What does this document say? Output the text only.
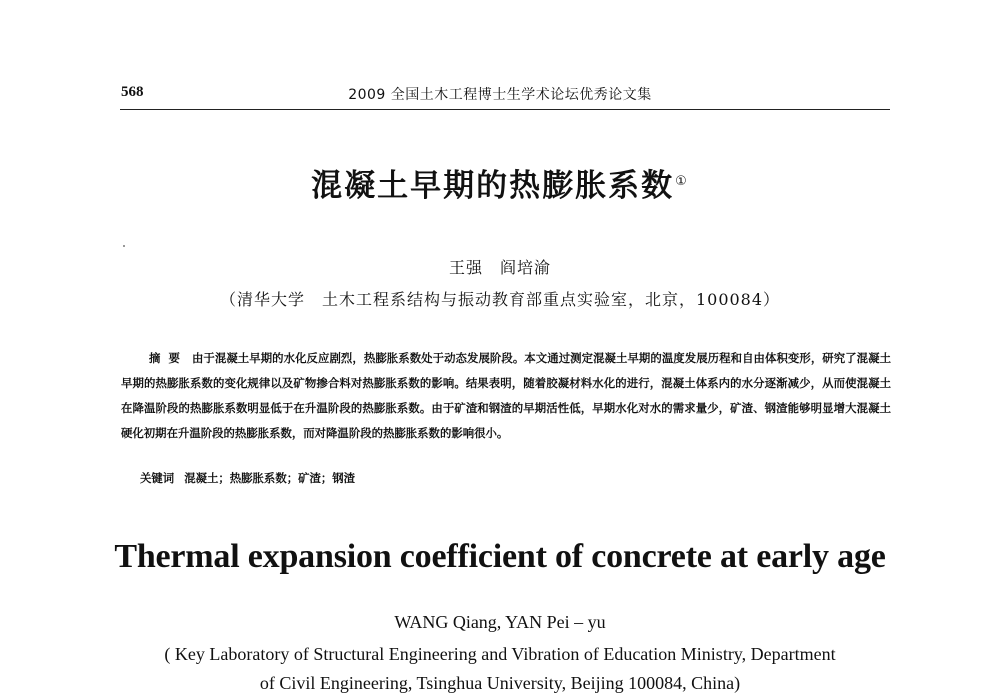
568	2009 全国土木工程博士生学术论坛优秀论文集
混凝土早期的热膨胀系数①
王强　阎培渝
（清华大学　土木工程系结构与振动教育部重点实验室，北京，100084）

摘要 由于混凝土早期的水化反应剧烈，热膨胀系数处于动态发展阶段。本文通过测定混凝土早期的温度发展历程和自由体积变形，研究了混凝土早期的热膨胀系数的变化规律以及矿物掺合料对热膨胀系数的影响。结果表明，随着胶凝材料水化的进行，混凝土体系内的水分逐渐减少，从而使混凝土在降温阶段的热膨胀系数明显低于在升温阶段的热膨胀系数。由于矿渣和钢渣的早期活性低，早期水化对水的需求量少，矿渣、钢渣能够明显增大混凝土硬化初期在升温阶段的热膨胀系数，而对降温阶段的热膨胀系数的影响很小。

关键词 混凝土；热膨胀系数；矿渣；钢渣
Thermal expansion coefficient of concrete at early age
WANG Qiang, YAN Pei – yu
( Key Laboratory of Structural Engineering and Vibration of Education Ministry, Department
of Civil Engineering, Tsinghua University, Beijing 100084, China)
